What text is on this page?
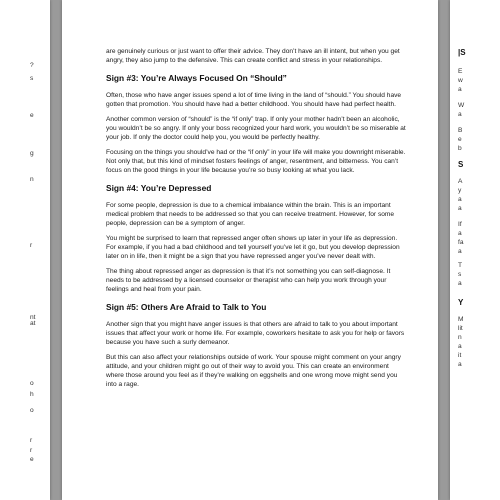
?
s
e
g
n
r
nt
at
o
h
o
r
r
e

are genuinely curious or just want to offer their advice. They don’t have an ill intent, but when you get angry, they also jump to the defensive. This can create conflict and stress in your relationships.

Sign #3: You’re Always Focused On “Should”

Often, those who have anger issues spend a lot of time living in the land of “should.” You should have gotten that promotion. You should have had a better childhood. You should have had perfect health.

Another common version of “should” is the “if only” trap. If only your mother hadn’t been an alcoholic, you wouldn’t be so angry. If only your boss recognized your hard work, you wouldn’t be so miserable at your job. If only the doctor could help you, you would be perfectly healthy.

Focusing on the things you should’ve had or the “if only” in your life will make you downright miserable. Not only that, but this kind of mindset fosters feelings of anger, resentment, and bitterness. You can’t focus on the good things in your life because you’re so busy looking at what you lack.

Sign #4: You’re Depressed

For some people, depression is due to a chemical imbalance within the brain. This is an important medical problem that needs to be addressed so that you can receive treatment. However, for some people, depression can be a symptom of anger.

You might be surprised to learn that repressed anger often shows up later in your life as depression. For example, if you had a bad childhood and tell yourself you’ve let it go, but you develop depression later on in life, then it might be a sign that you have repressed anger you’ve never dealt with.

The thing about repressed anger as depression is that it’s not something you can self-diagnose. It needs to be addressed by a licensed counselor or therapist who can help you work through your feelings and heal from your pain.

Sign #5: Others Are Afraid to Talk to You

Another sign that you might have anger issues is that others are afraid to talk to you about important issues that affect your work or home life. For example, coworkers hesitate to ask you for help or favors because you have such a surly demeanor.

But this can also affect your relationships outside of work. Your spouse might comment on your angry attitude, and your children might go out of their way to avoid you. This can create an environment where those around you feel as if they’re walking on eggshells and one wrong move might send you into a rage.

|S
E
w
a
W
a
B
e
b
S
A
y
a
a
If
a
fa
a
T
s
a
Y
M
lit
n
a
it
a
